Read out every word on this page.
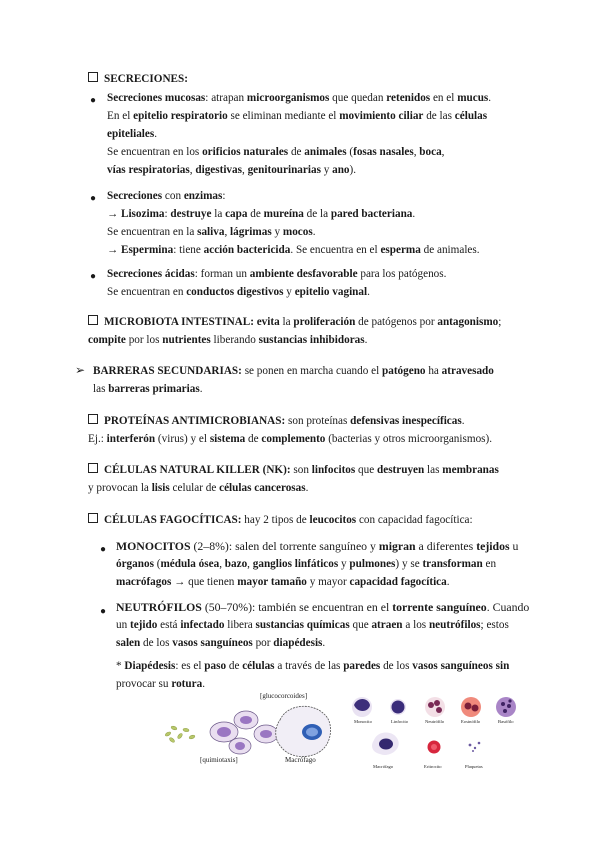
SECRECIONES:
● Secreciones mucosas: atrapan microorganismos que quedan retenidos en el mucus.
En el epitelio respiratorio se eliminan mediante el movimiento ciliar de las células
epiteliales.
Se encuentran en los orificios naturales de animales (fosas nasales, boca,
vías respiratorias, digestivas, genitourinarias y ano).
● Secreciones con enzimas:
→ Lisozima: destruye la capa de mureína de la pared bacteriana.
Se encuentran en la saliva, lágrimas y mocos.
→ Espermina: tiene acción bactericida. Se encuentra en el esperma de animales.
● Secreciones ácidas: forman un ambiente desfavorable para los patógenos.
Se encuentran en conductos digestivos y epitelio vaginal.
MICROBIOTA INTESTINAL: evita la proliferación de patógenos por antagonismo;
compite por los nutrientes liberando sustancias inhibidoras.
➢ BARRERAS SECUNDARIAS: se ponen en marcha cuando el patógeno ha atravesado
las barreras primarias.
PROTEÍNAS ANTIMICROBIANAS: son proteínas defensivas inespecíficas.
Ej.: interferón (virus) y el sistema de complemento (bacterias y otros microorganismos).
CÉLULAS NATURAL KILLER (NK): son linfocitos que destruyen las membranas
y provocan la lisis celular de células cancerosas.
CÉLULAS FAGOCÍTICAS: hay 2 tipos de leucocitos con capacidad fagocítica:
● MONOCITOS (2–8%): salen del torrente sanguíneo y migran a diferentes tejidos u
órganos (médula ósea, bazo, ganglios linfáticos y pulmones) y se transforman en
macrófagos → que tienen mayor tamaño y mayor capacidad fagocítica.
● NEUTRÓFILOS (50–70%): también se encuentran en el torrente sanguíneo. Cuando
un tejido está infectado libera sustancias químicas que atraen a los neutrófilos; estos
salen de los vasos sanguíneos por diapédesis.
* Diapédesis: es el paso de células a través de las paredes de los vasos sanguíneos sin
provocar su rotura.
[glucocorcoides]
[quimiotaxis]	Macrófago
Monocito	Linfocito	Neutrófilo	Eosinófilo	Basófilo
Macrófago	Eritrocito	Plaquetas
